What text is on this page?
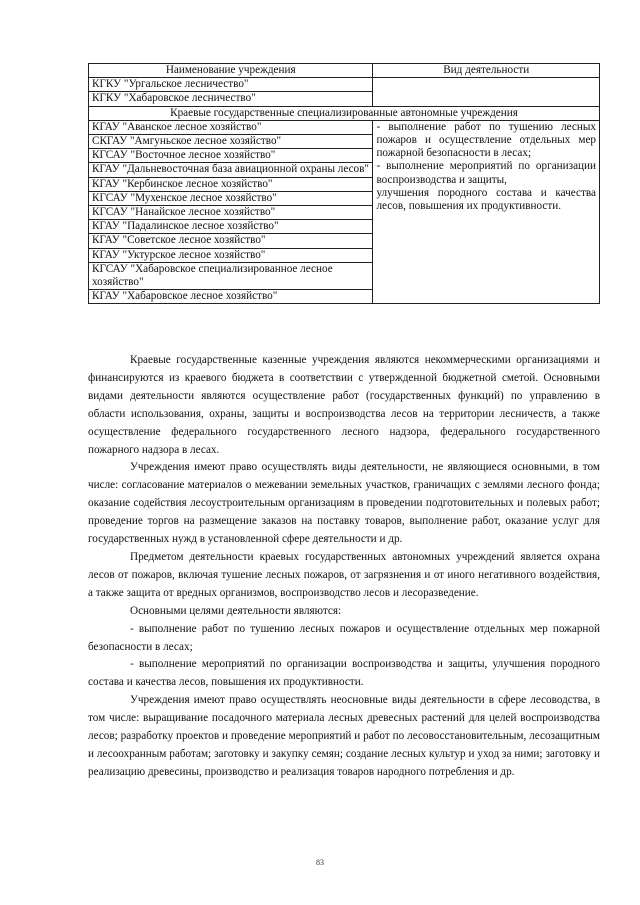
Наименование учреждения	Вид деятельности
КГКУ "Ургальское лесничество"	
КГКУ "Хабаровское лесничество"	
Краевые государственные специализированные автономные учреждения	
КГАУ "Аванское лесное хозяйство"	- выполнение работ по тушению лесных пожаров и осуществление отдельных мер пожарной безопасности в лесах;

- выполнение мероприятий по организации воспроизводства и защиты,

улучшения породного состава и качества лесов, повышения их продуктивности.

СКГАУ "Амгуньское лесное хозяйство"	
КГСАУ "Восточное лесное хозяйство"	
КГАУ "Дальневосточная база авиационной охраны лесов"	
КГАУ "Кербинское лесное хозяйство"	
КГСАУ "Мухенское лесное хозяйство"	
КГСАУ "Нанайское лесное хозяйство"	
КГАУ "Падалинское лесное хозяйство"	
КГАУ "Советское лесное хозяйство"	
КГАУ "Уктурское лесное хозяйство"	
КГСАУ "Хабаровское специализированное лесное хозяйство"	
КГАУ "Хабаровское лесное хозяйство"	

Краевые государственные казенные учреждения являются некоммерческими организациями и финансируются из краевого бюджета в соответствии с утвержденной бюджетной сметой. Основными видами деятельности являются осуществление работ (государственных функций) по управлению в области использования, охраны, защиты и воспроизводства лесов на территории лесничеств, а также осуществление федерального государственного лесного надзора, федерального государственного пожарного надзора в лесах.

Учреждения имеют право осуществлять виды деятельности, не являющиеся основными, в том числе: согласование материалов о межевании земельных участков, граничащих с землями лесного фонда; оказание содействия лесоустроительным организациям в проведении подготовительных и полевых работ; проведение торгов на размещение заказов на поставку товаров, выполнение работ, оказание услуг для государственных нужд в установленной сфере деятельности и др.

Предметом деятельности краевых государственных автономных учреждений является охрана лесов от пожаров, включая тушение лесных пожаров, от загрязнения и от иного негативного воздействия, а также защита от вредных организмов, воспроизводство лесов и лесоразведение.

Основными целями деятельности являются:

- выполнение работ по тушению лесных пожаров и осуществление отдельных мер пожарной безопасности в лесах;

- выполнение мероприятий по организации воспроизводства и защиты, улучшения породного состава и качества лесов, повышения их продуктивности.

Учреждения имеют право осуществлять неосновные виды деятельности в сфере лесоводства, в том числе: выращивание посадочного материала лесных древесных растений для целей воспроизводства лесов; разработку проектов и проведение мероприятий и работ по лесовосстановительным, лесозащитным и лесоохранным работам; заготовку и закупку семян; создание лесных культур и уход за ними; заготовку и реализацию древесины, производство и реализация товаров народного потребления и др.

83
